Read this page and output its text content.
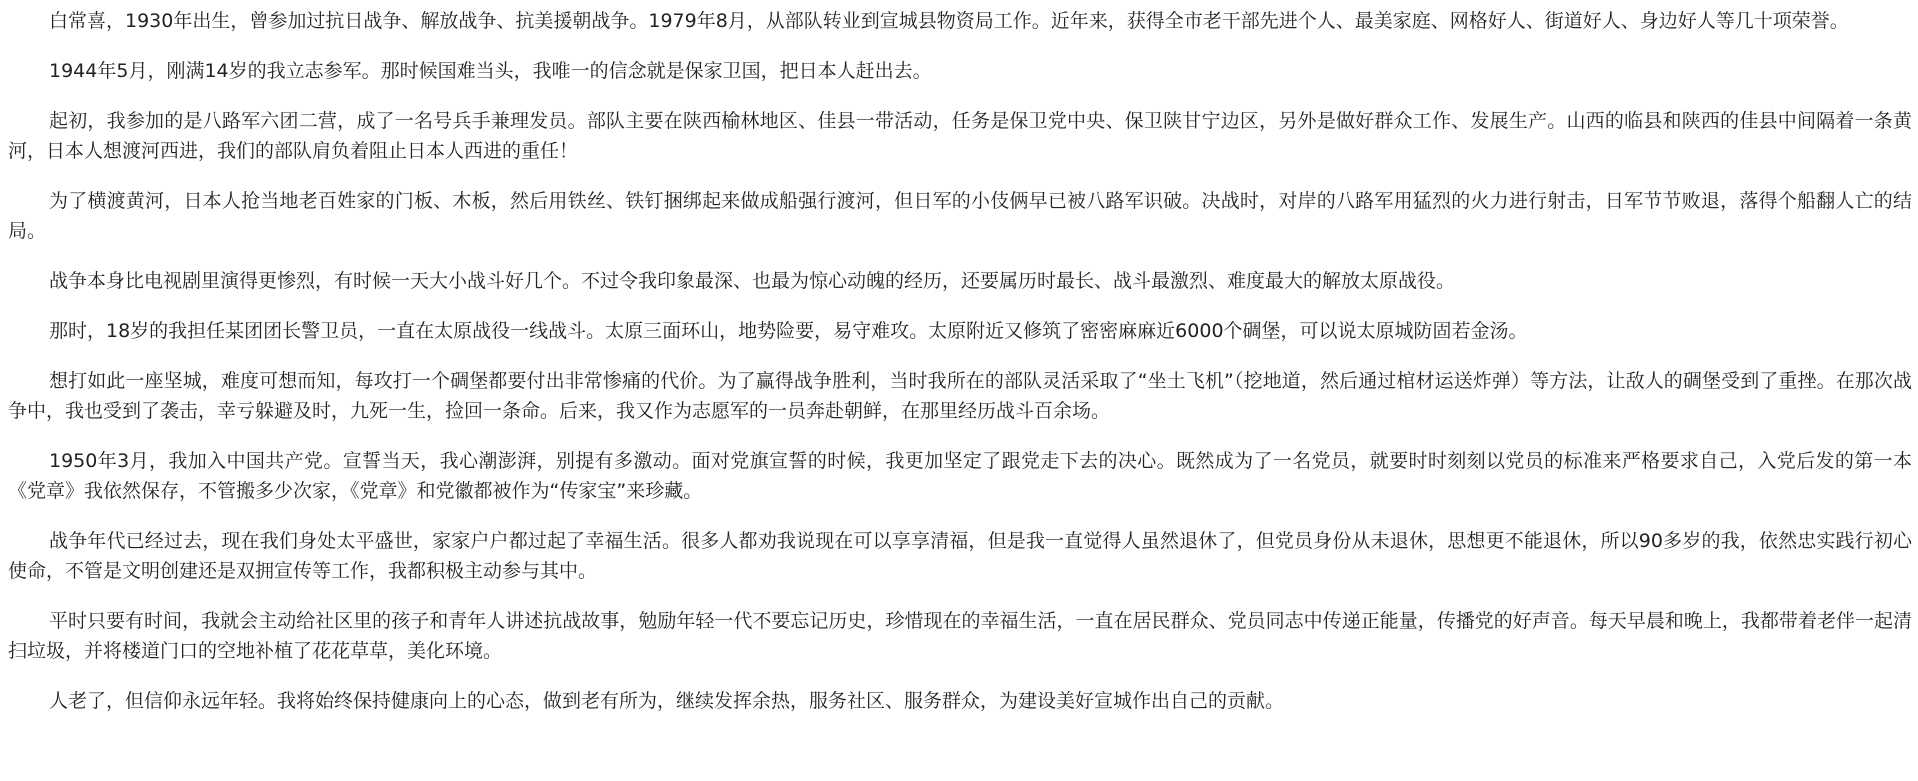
白常喜，1930年出生，曾参加过抗日战争、解放战争、抗美援朝战争。1979年8月，从部队转业到宣城县物资局工作。近年来，获得全市老干部先进个人、最美家庭、网格好人、街道好人、身边好人等几十项荣誉。

1944年5月，刚满14岁的我立志参军。那时候国难当头，我唯一的信念就是保家卫国，把日本人赶出去。

起初，我参加的是八路军六团二营，成了一名号兵手兼理发员。部队主要在陕西榆林地区、佳县一带活动，任务是保卫党中央、保卫陕甘宁边区，另外是做好群众工作、发展生产。山西的临县和陕西的佳县中间隔着一条黄河，日本人想渡河西进，我们的部队肩负着阻止日本人西进的重任！

为了横渡黄河，日本人抢当地老百姓家的门板、木板，然后用铁丝、铁钉捆绑起来做成船强行渡河，但日军的小伎俩早已被八路军识破。决战时，对岸的八路军用猛烈的火力进行射击，日军节节败退，落得个船翻人亡的结局。

战争本身比电视剧里演得更惨烈，有时候一天大小战斗好几个。不过令我印象最深、也最为惊心动魄的经历，还要属历时最长、战斗最激烈、难度最大的解放太原战役。

那时，18岁的我担任某团团长警卫员，一直在太原战役一线战斗。太原三面环山，地势险要，易守难攻。太原附近又修筑了密密麻麻近6000个碉堡，可以说太原城防固若金汤。

想打如此一座坚城，难度可想而知，每攻打一个碉堡都要付出非常惨痛的代价。为了赢得战争胜利，当时我所在的部队灵活采取了“坐土飞机”（挖地道，然后通过棺材运送炸弹）等方法，让敌人的碉堡受到了重挫。在那次战争中，我也受到了袭击，幸亏躲避及时，九死一生，捡回一条命。后来，我又作为志愿军的一员奔赴朝鲜，在那里经历战斗百余场。

1950年3月，我加入中国共产党。宣誓当天，我心潮澎湃，别提有多激动。面对党旗宣誓的时候，我更加坚定了跟党走下去的决心。既然成为了一名党员，就要时时刻刻以党员的标准来严格要求自己，入党后发的第一本《党章》我依然保存，不管搬多少次家，《党章》和党徽都被作为“传家宝”来珍藏。

战争年代已经过去，现在我们身处太平盛世，家家户户都过起了幸福生活。很多人都劝我说现在可以享享清福，但是我一直觉得人虽然退休了，但党员身份从未退休，思想更不能退休，所以90多岁的我，依然忠实践行初心使命，不管是文明创建还是双拥宣传等工作，我都积极主动参与其中。

平时只要有时间，我就会主动给社区里的孩子和青年人讲述抗战故事，勉励年轻一代不要忘记历史，珍惜现在的幸福生活，一直在居民群众、党员同志中传递正能量，传播党的好声音。每天早晨和晚上，我都带着老伴一起清扫垃圾，并将楼道门口的空地补植了花花草草，美化环境。

人老了，但信仰永远年轻。我将始终保持健康向上的心态，做到老有所为，继续发挥余热，服务社区、服务群众，为建设美好宣城作出自己的贡献。
